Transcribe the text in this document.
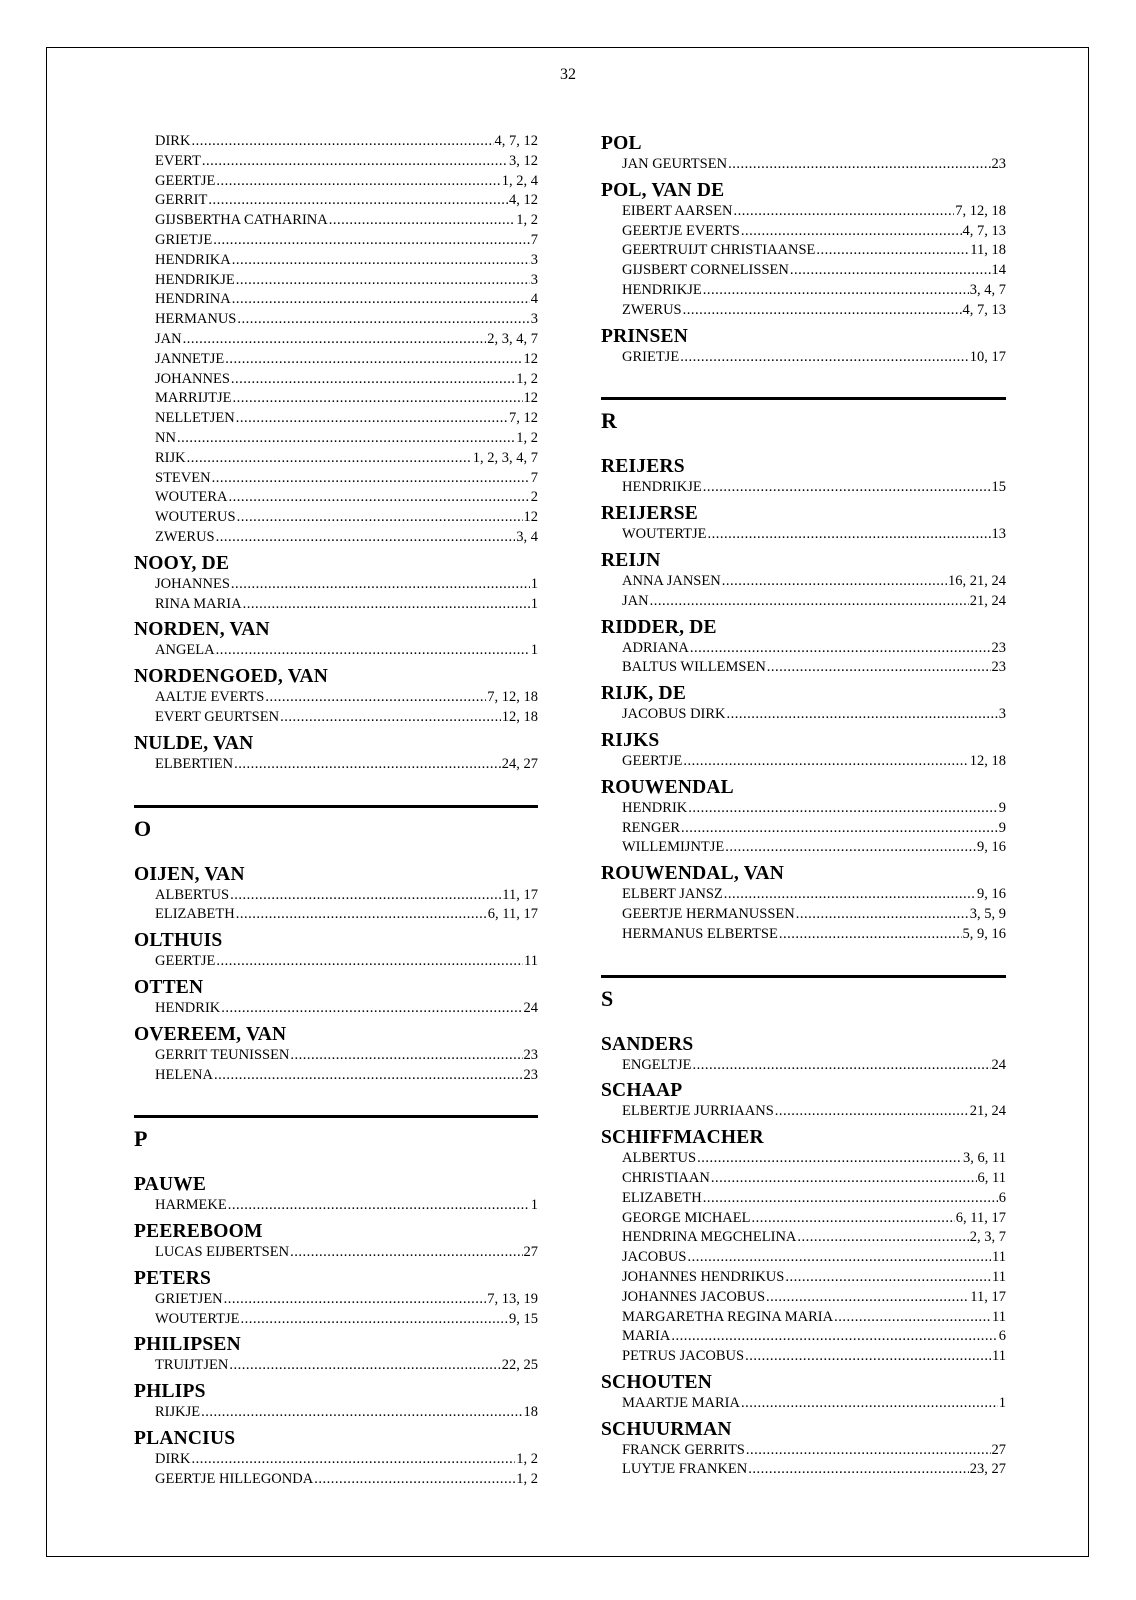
32
DIRK .....	4, 7, 12
EVERT .....	3, 12
GEERTJE .....	1, 2, 4
GERRIT .....	4, 12
GIJSBERTHA CATHARINA .....	1, 2
GRIETJE .....	7
HENDRIKA .....	3
HENDRIKJE .....	3
HENDRINA .....	4
HERMANUS .....	3
JAN .....	2, 3, 4, 7
JANNETJE .....	12
JOHANNES .....	1, 2
MARRIJTJE .....	12
NELLETJEN .....	7, 12
NN .....	1, 2
RIJK .....	1, 2, 3, 4, 7
STEVEN .....	7
WOUTERA .....	2
WOUTERUS .....	12
ZWERUS .....	3, 4
NOOY, DE
JOHANNES .....	1
RINA MARIA .....	1
NORDEN, VAN
ANGELA .....	1
NORDENGOED, VAN
AALTJE EVERTS .....	7, 12, 18
EVERT GEURTSEN .....	12, 18
NULDE, VAN
ELBERTIEN .....	24, 27
O
OIJEN, VAN
ALBERTUS .....	11, 17
ELIZABETH .....	6, 11, 17
OLTHUIS
GEERTJE .....	11
OTTEN
HENDRIK .....	24
OVEREEM, VAN
GERRIT TEUNISSEN .....	23
HELENA .....	23
P
PAUWE
HARMEKE .....	1
PEEREBOOM
LUCAS EIJBERTSEN .....	27
PETERS
GRIETJEN .....	7, 13, 19
WOUTERTJE .....	9, 15
PHILIPSEN
TRUIJTJEN .....	22, 25
PHLIPS
RIJKJE .....	18
PLANCIUS
DIRK .....	1, 2
GEERTJE HILLEGONDA .....	1, 2
POL
JAN GEURTSEN .....	23
POL, VAN DE
EIBERT AARSEN .....	7, 12, 18
GEERTJE EVERTS .....	4, 7, 13
GEERTRUIJT CHRISTIAANSE .....	11, 18
GIJSBERT CORNELISSEN .....	14
HENDRIKJE .....	3, 4, 7
ZWERUS .....	4, 7, 13
PRINSEN
GRIETJE .....	10, 17
R
REIJERS
HENDRIKJE .....	15
REIJERSE
WOUTERTJE .....	13
REIJN
ANNA JANSEN .....	16, 21, 24
JAN .....	21, 24
RIDDER, DE
ADRIANA .....	23
BALTUS WILLEMSEN .....	23
RIJK, DE
JACOBUS DIRK .....	3
RIJKS
GEERTJE .....	12, 18
ROUWENDAL
HENDRIK .....	9
RENGER .....	9
WILLEMIJNTJE .....	9, 16
ROUWENDAL, VAN
ELBERT JANSZ .....	9, 16
GEERTJE HERMANUSSEN .....	3, 5, 9
HERMANUS ELBERTSE .....	5, 9, 16
S
SANDERS
ENGELTJE .....	24
SCHAAP
ELBERTJE JURRIAANS .....	21, 24
SCHIFFMACHER
ALBERTUS .....	3, 6, 11
CHRISTIAAN .....	6, 11
ELIZABETH .....	6
GEORGE MICHAEL .....	6, 11, 17
HENDRINA MEGCHELINA .....	2, 3, 7
JACOBUS .....	11
JOHANNES HENDRIKUS .....	11
JOHANNES JACOBUS .....	11, 17
MARGARETHA REGINA MARIA .....	11
MARIA .....	6
PETRUS JACOBUS .....	11
SCHOUTEN
MAARTJE MARIA .....	1
SCHUURMAN
FRANCK GERRITS .....	27
LUYTJE FRANKEN .....	23, 27
